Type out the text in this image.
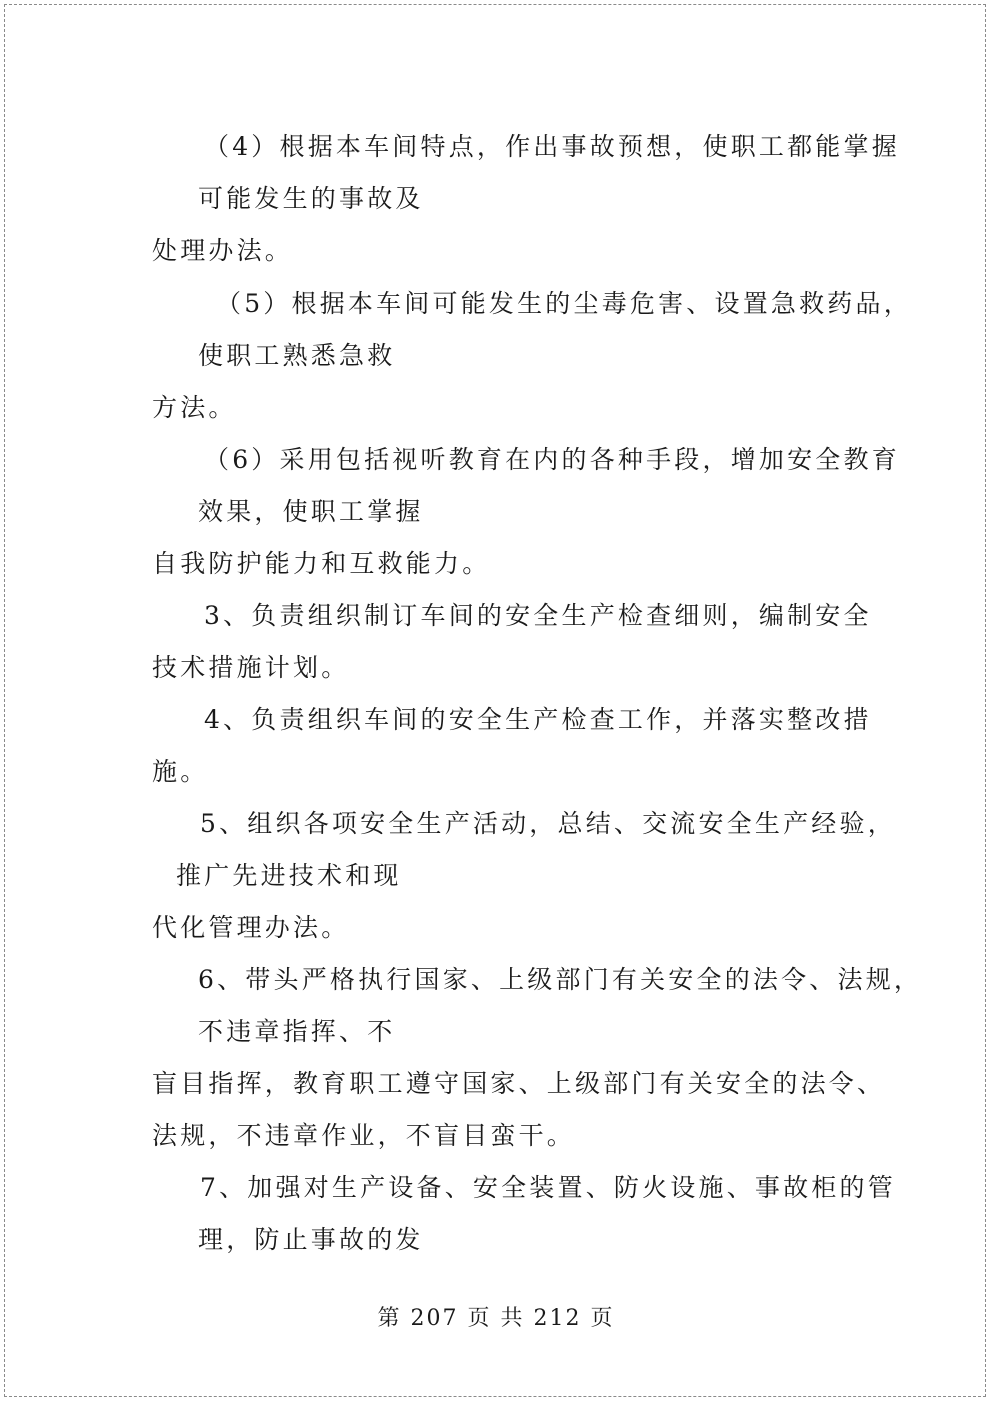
（4）根据本车间特点，作出事故预想，使职工都能掌握
可能发生的事故及
处理办法。
（5）根据本车间可能发生的尘毒危害、设置急救药品，
使职工熟悉急救
方法。
（6）采用包括视听教育在内的各种手段，增加安全教育
效果，使职工掌握
自我防护能力和互救能力。
3、负责组织制订车间的安全生产检查细则，编制安全
技术措施计划。
4、负责组织车间的安全生产检查工作，并落实整改措
施。
5、组织各项安全生产活动，总结、交流安全生产经验，
推广先进技术和现
代化管理办法。
6、带头严格执行国家、上级部门有关安全的法令、法规，
不违章指挥、不
盲目指挥，教育职工遵守国家、上级部门有关安全的法令、
法规，不违章作业，不盲目蛮干。
7、加强对生产设备、安全装置、防火设施、事故柜的管
理，防止事故的发
第 207 页 共 212 页
